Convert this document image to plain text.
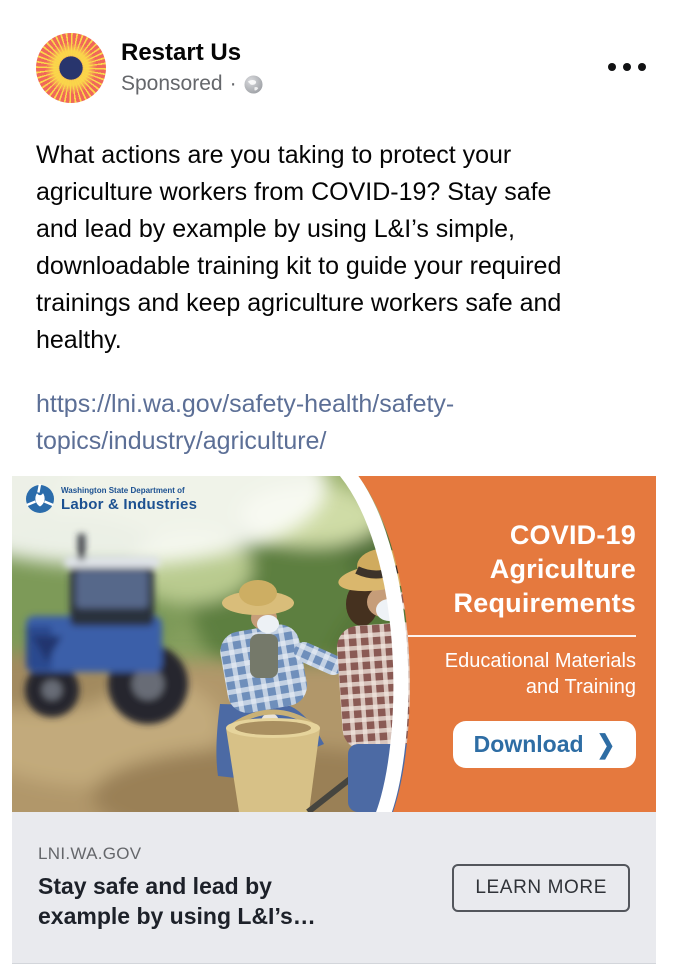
Restart Us
Sponsored ·
What actions are you taking to protect your
agriculture workers from COVID-19? Stay safe
and lead by example by using L&I’s simple,
downloadable training kit to guide your required
trainings and keep agriculture workers safe and
healthy.
https://lni.wa.gov/safety-health/safety-
topics/industry/agriculture/
Washington State Department of
Labor & Industries
COVID-19
Agriculture
Requirements
Educational Materials
and Training
Download ❯
LNI.WA.GOV
Stay safe and lead by
example by using L&I’s…
LEARN MORE
